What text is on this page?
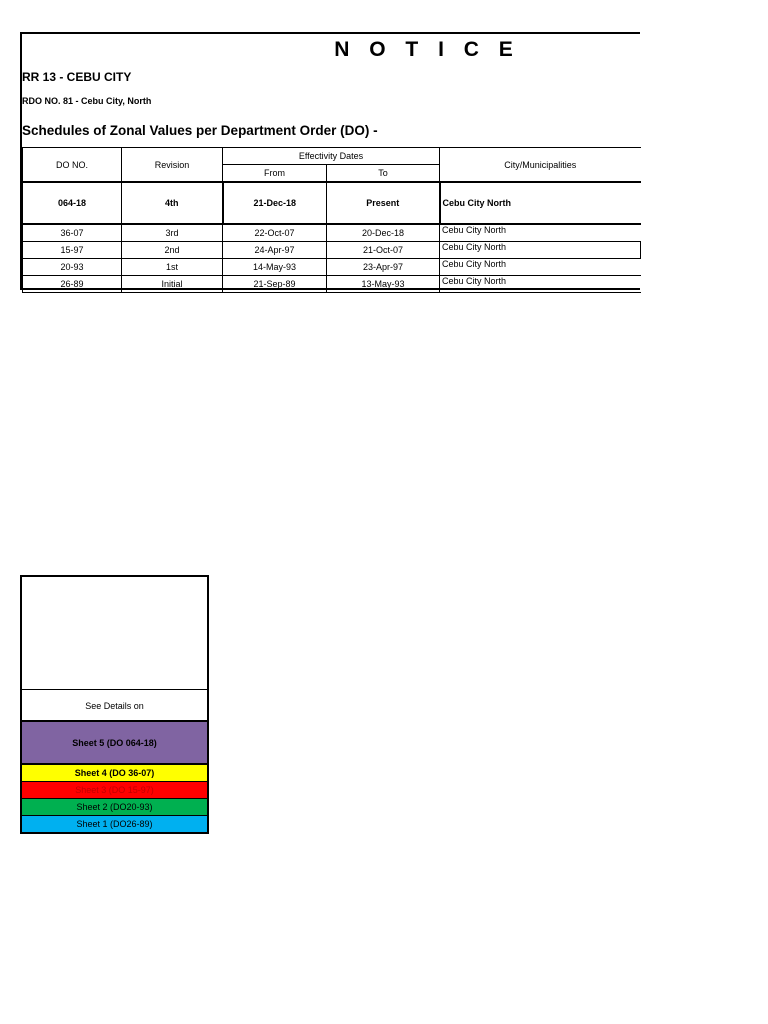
N O T I C E
RR 13 - CEBU CITY
RDO NO. 81 - Cebu City, North
Schedules of Zonal Values per Department Order (DO) -
DO NO.	Revision	Effectivity Dates		City/Municipalities
		From	To	
064-18	4th	21-Dec-18	Present	Cebu City North
36-07	3rd	22-Oct-07	20-Dec-18	Cebu City North
15-97	2nd	24-Apr-97	21-Oct-07	Cebu City North
20-93	1st	14-May-93	23-Apr-97	Cebu City North
26-89	Initial	21-Sep-89	13-May-93	Cebu City North
See Details on
Sheet 5 (DO 064-18)
Sheet 4 (DO 36-07)
Sheet 3 (DO 15-97)
Sheet 2 (DO20-93)
Sheet 1 (DO26-89)
